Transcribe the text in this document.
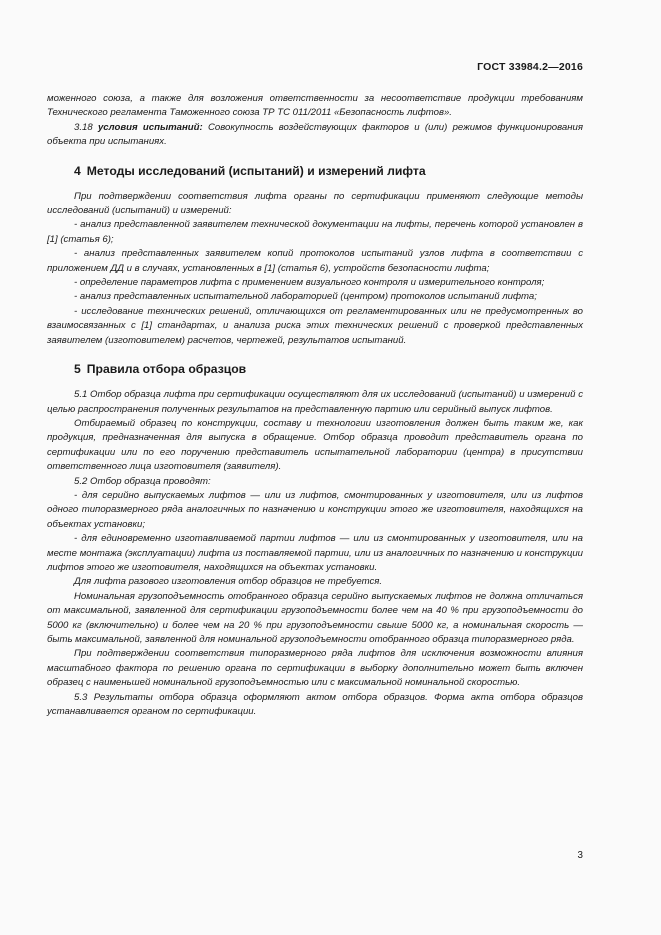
ГОСТ 33984.2—2016

моженного союза, а также для возложения ответственности за несоответствие продукции требованиям Технического регламента Таможенного союза ТР ТС 011/2011 «Безопасность лифтов».

3.18 условия испытаний: Совокупность воздействующих факторов и (или) режимов функционирования объекта при испытаниях.

4 Методы исследований (испытаний) и измерений лифта

При подтверждении соответствия лифта органы по сертификации применяют следующие методы исследований (испытаний) и измерений:

- анализ представленной заявителем технической документации на лифты, перечень которой установлен в [1] (статья 6);

- анализ представленных заявителем копий протоколов испытаний узлов лифта в соответствии с приложением ДД и в случаях, установленных в [1] (статья 6), устройств безопасности лифта;

- определение параметров лифта с применением визуального контроля и измерительного контроля;

- анализ представленных испытательной лабораторией (центром) протоколов испытаний лифта;

- исследование технических решений, отличающихся от регламентированных или не предусмотренных во взаимосвязанных с [1] стандартах, и анализа риска этих технических решений с проверкой представленных заявителем (изготовителем) расчетов, чертежей, результатов испытаний.

5 Правила отбора образцов

5.1 Отбор образца лифта при сертификации осуществляют для их исследований (испытаний) и измерений с целью распространения полученных результатов на представленную партию или серийный выпуск лифтов.

Отбираемый образец по конструкции, составу и технологии изготовления должен быть таким же, как продукция, предназначенная для выпуска в обращение. Отбор образца проводит представитель органа по сертификации или по его поручению представитель испытательной лаборатории (центра) в присутствии ответственного лица изготовителя (заявителя).

5.2 Отбор образца проводят:

- для серийно выпускаемых лифтов — или из лифтов, смонтированных у изготовителя, или из лифтов одного типоразмерного ряда аналогичных по назначению и конструкции этого же изготовителя, находящихся на объектах установки;

- для единовременно изготавливаемой партии лифтов — или из смонтированных у изготовителя, или на месте монтажа (эксплуатации) лифта из поставляемой партии, или из аналогичных по назначению и конструкции лифтов этого же изготовителя, находящихся на объектах установки.

Для лифта разового изготовления отбор образцов не требуется.

Номинальная грузоподъемность отобранного образца серийно выпускаемых лифтов не должна отличаться от максимальной, заявленной для сертификации грузоподъемности более чем на 40 % при грузоподъемности до 5000 кг (включительно) и более чем на 20 % при грузоподъемности свыше 5000 кг, а номинальная скорость — быть максимальной, заявленной для номинальной грузоподъемности отобранного образца типоразмерного ряда.

При подтверждении соответствия типоразмерного ряда лифтов для исключения возможности влияния масштабного фактора по решению органа по сертификации в выборку дополнительно может быть включен образец с наименьшей номинальной грузоподъемностью или с максимальной номинальной скоростью.

5.3 Результаты отбора образца оформляют актом отбора образцов. Форма акта отбора образцов устанавливается органом по сертификации.

3
